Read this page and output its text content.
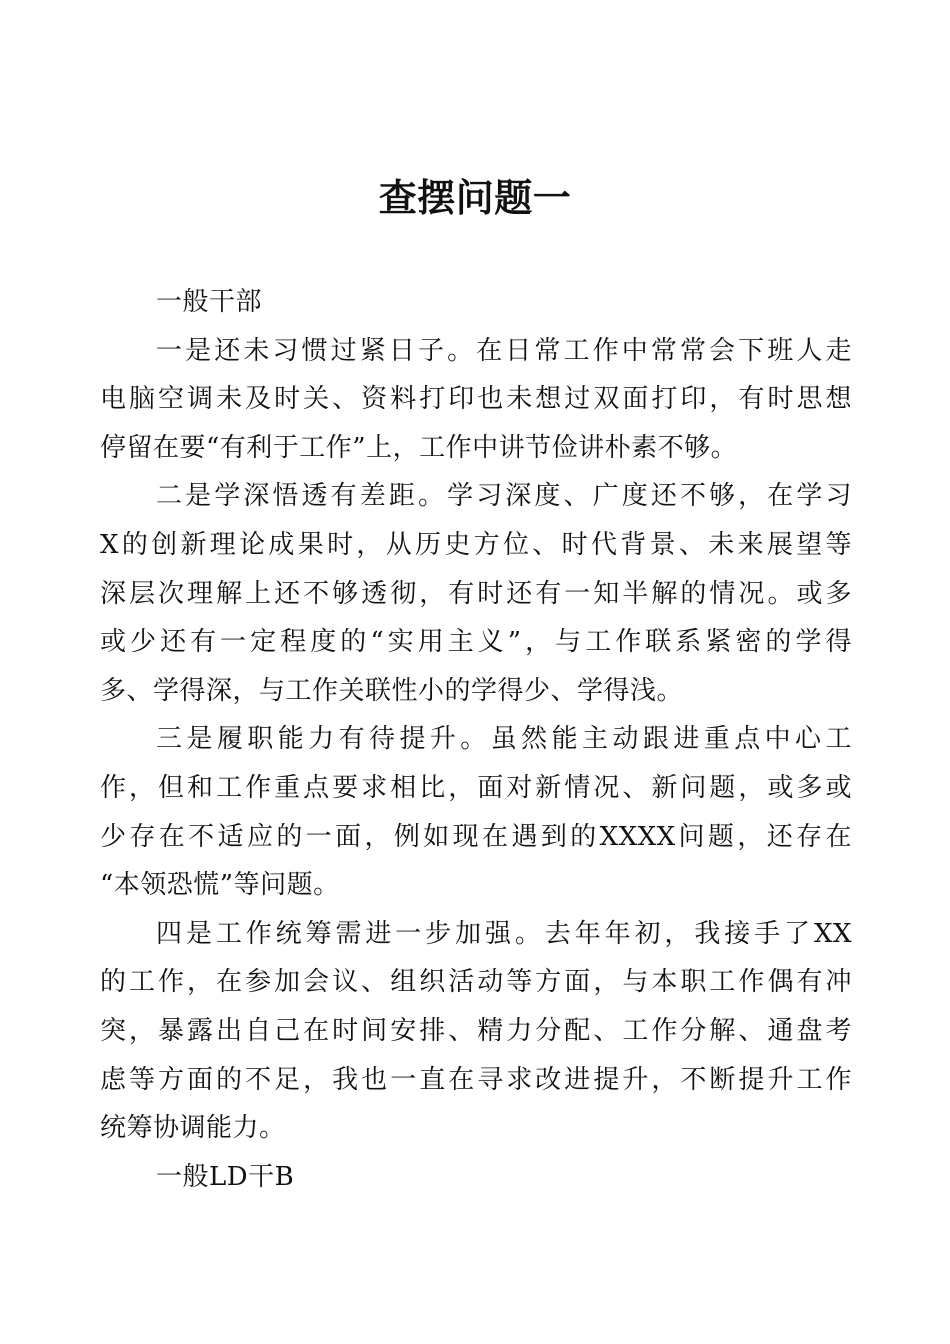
查摆问题一
一般干部
一是还未习惯过紧日子。在日常工作中常常会下班人走
电脑空调未及时关、资料打印也未想过双面打印，有时思想
停留在要“有利于工作”上，工作中讲节俭讲朴素不够。
二是学深悟透有差距。学习深度、广度还不够，在学习
X的创新理论成果时，从历史方位、时代背景、未来展望等
深层次理解上还不够透彻，有时还有一知半解的情况。或多
或少还有一定程度的“实用主义”，与工作联系紧密的学得
多、学得深，与工作关联性小的学得少、学得浅。
三是履职能力有待提升。虽然能主动跟进重点中心工
作，但和工作重点要求相比，面对新情况、新问题，或多或
少存在不适应的一面，例如现在遇到的XXXX问题，还存在
“本领恐慌”等问题。
四是工作统筹需进一步加强。去年年初，我接手了XX
的工作，在参加会议、组织活动等方面，与本职工作偶有冲
突，暴露出自己在时间安排、精力分配、工作分解、通盘考
虑等方面的不足，我也一直在寻求改进提升，不断提升工作
统筹协调能力。
一般LD干B
